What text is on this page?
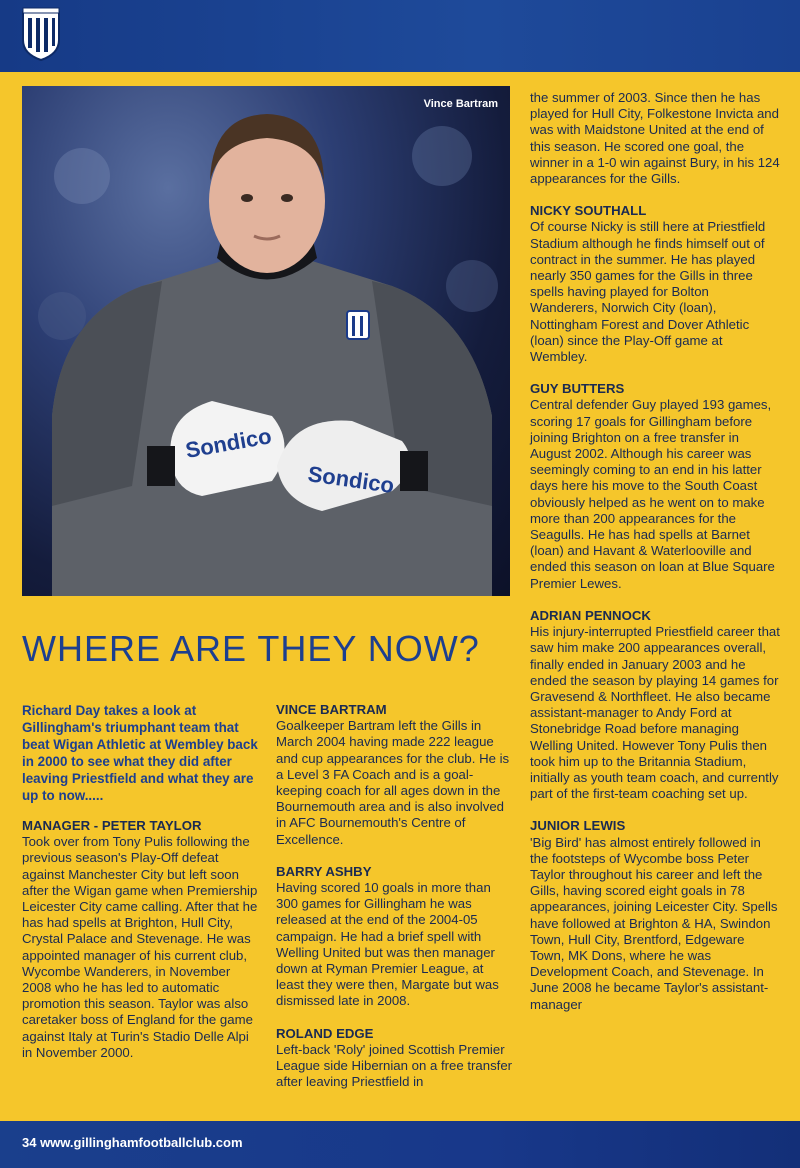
Sondico
Sondico
Vince Bartram
WHERE ARE THEY NOW?

Richard Day takes a look at Gillingham's triumphant team that beat Wigan Athletic at Wembley back in 2000 to see what they did after leaving Priestfield and what they are up to now.....

MANAGER - PETER TAYLOR

Took over from Tony Pulis following the previous season's Play-Off defeat against Manchester City but left soon after the Wigan game when Premiership Leicester City came calling. After that he has had spells at Brighton, Hull City, Crystal Palace and Stevenage. He was appointed manager of his current club, Wycombe Wanderers, in November 2008 who he has led to automatic promotion this season. Taylor was also caretaker boss of England for the game against Italy at Turin's Stadio Delle Alpi in November 2000.

VINCE BARTRAM

Goalkeeper Bartram left the Gills in March 2004 having made 222 league and cup appearances for the club. He is a Level 3 FA Coach and is a goal-keeping coach for all ages down in the Bournemouth area and is also involved in AFC Bournemouth's Centre of Excellence.

BARRY ASHBY

Having scored 10 goals in more than 300 games for Gillingham he was released at the end of the 2004-05 campaign. He had a brief spell with Welling United but was then manager down at Ryman Premier League, at least they were then, Margate but was dismissed late in 2008.

ROLAND EDGE

Left-back 'Roly' joined Scottish Premier League side Hibernian on a free transfer after leaving Priestfield in

the summer of 2003. Since then he has played for Hull City, Folkestone Invicta and was with Maidstone United at the end of this season. He scored one goal, the winner in a 1-0 win against Bury, in his 124 appearances for the Gills.

NICKY SOUTHALL

Of course Nicky is still here at Priestfield Stadium although he finds himself out of contract in the summer. He has played nearly 350 games for the Gills in three spells having played for Bolton Wanderers, Norwich City (loan), Nottingham Forest and Dover Athletic (loan) since the Play-Off game at Wembley.

GUY BUTTERS

Central defender Guy played 193 games, scoring 17 goals for Gillingham before joining Brighton on a free transfer in August 2002. Although his career was seemingly coming to an end in his latter days here his move to the South Coast obviously helped as he went on to make more than 200 appearances for the Seagulls. He has had spells at Barnet (loan) and Havant & Waterlooville and ended this season on loan at Blue Square Premier Lewes.

ADRIAN PENNOCK

His injury-interrupted Priestfield career that saw him make 200 appearances overall, finally ended in January 2003 and he ended the season by playing 14 games for Gravesend & Northfleet. He also became assistant-manager to Andy Ford at Stonebridge Road before managing Welling United. However Tony Pulis then took him up to the Britannia Stadium, initially as youth team coach, and currently part of the first-team coaching set up.

JUNIOR LEWIS

'Big Bird' has almost entirely followed in the footsteps of Wycombe boss Peter Taylor throughout his career and left the Gills, having scored eight goals in 78 appearances, joining Leicester City. Spells have followed at Brighton & HA, Swindon Town, Hull City, Brentford, Edgeware Town, MK Dons, where he was Development Coach, and Stevenage. In June 2008 he became Taylor's assistant-manager

34 www.gillinghamfootballclub.com
